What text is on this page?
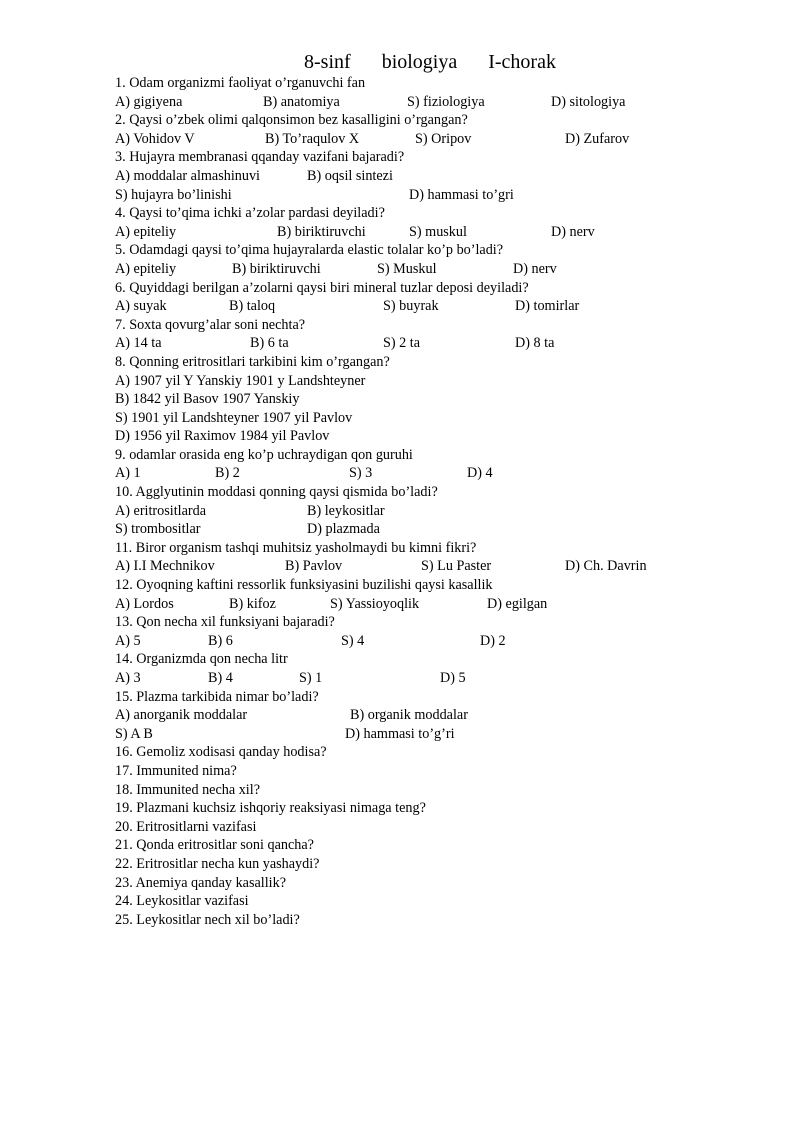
8-sinf biologiya I-chorak
1. Odam organizmi faoliyat o’rganuvchi fan
A) gigiyena	B) anatomiya	S) fiziologiya	D) sitologiya
2. Qaysi o’zbek olimi qalqonsimon bez kasalligini o’rgangan?
A) Vohidov V	B) To’raqulov X	S) Oripov	D) Zufarov
3. Hujayra membranasi qqanday vazifani bajaradi?
A) moddalar almashinuvi	B) oqsil sintezi
S) hujayra bo’linishi	D) hammasi to’gri
4. Qaysi to’qima ichki a’zolar pardasi deyiladi?
A) epiteliy	B) biriktiruvchi	S) muskul	D) nerv
5. Odamdagi qaysi to’qima hujayralarda elastic tolalar ko’p bo’ladi?
A) epiteliy	B) biriktiruvchi	S) Muskul	D) nerv
6. Quyiddagi berilgan a’zolarni qaysi biri mineral tuzlar deposi deyiladi?
A) suyak	B) taloq	S) buyrak	D) tomirlar
7. Soxta qovurg’alar soni nechta?
A) 14 ta	B) 6 ta	S) 2 ta	D) 8 ta
8. Qonning eritrositlari tarkibini kim o’rgangan?
A) 1907 yil Y Yanskiy 1901 y Landshteyner
B) 1842 yil Basov 1907 Yanskiy
S) 1901 yil Landshteyner 1907 yil Pavlov
D) 1956 yil Raximov 1984 yil Pavlov
9. odamlar orasida eng ko’p uchraydigan qon guruhi
A) 1	B) 2	S) 3	D) 4
10. Agglyutinin moddasi qonning qaysi qismida bo’ladi?
A) eritrositlarda	B) leykositlar
S) trombositlar	D) plazmada
11. Biror organism tashqi muhitsiz yasholmaydi bu kimni fikri?
A) I.I Mechnikov	B) Pavlov	S) Lu Paster	D) Ch. Davrin
12. Oyoqning kaftini ressorlik funksiyasini buzilishi qaysi kasallik
A) Lordos	B) kifoz	S) Yassioyoqlik	D) egilgan
13. Qon necha xil funksiyani bajaradi?
A) 5	B) 6	S) 4	D) 2
14. Organizmda qon necha litr
A) 3	B) 4	S) 1	D) 5
15. Plazma tarkibida nimar bo’ladi?
A) anorganik moddalar	B) organik moddalar
S) A B	D) hammasi to’g’ri
16. Gemoliz xodisasi qanday hodisa?
17. Immunited nima?
18. Immunited necha xil?
19. Plazmani kuchsiz ishqoriy reaksiyasi nimaga teng?
20. Eritrositlarni vazifasi
21. Qonda eritrositlar soni qancha?
22. Eritrositlar necha kun yashaydi?
23. Anemiya qanday kasallik?
24. Leykositlar vazifasi
25. Leykositlar nech xil bo’ladi?
